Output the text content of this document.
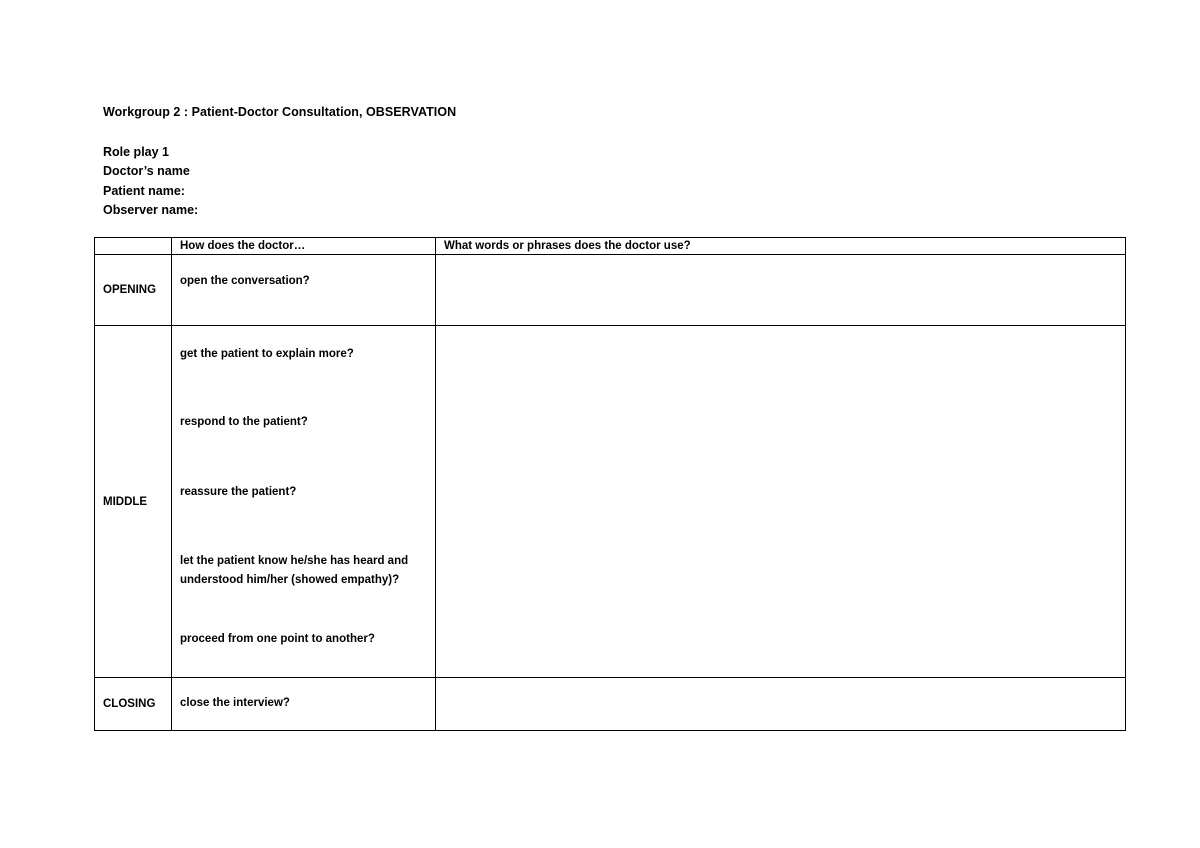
Workgroup 2 : Patient-Doctor Consultation, OBSERVATION
Role play 1
Doctor’s name
Patient name:
Observer name:
	How does the doctor…	What words or phrases does the doctor use?
OPENING	open the conversation?	

MIDDLE	get the patient to explain more?
respond to the patient?
reassure the patient?
let the patient know he/she has heard and understood him/her (showed empathy)?
proceed from one point to another?	

CLOSING	close the interview?	
